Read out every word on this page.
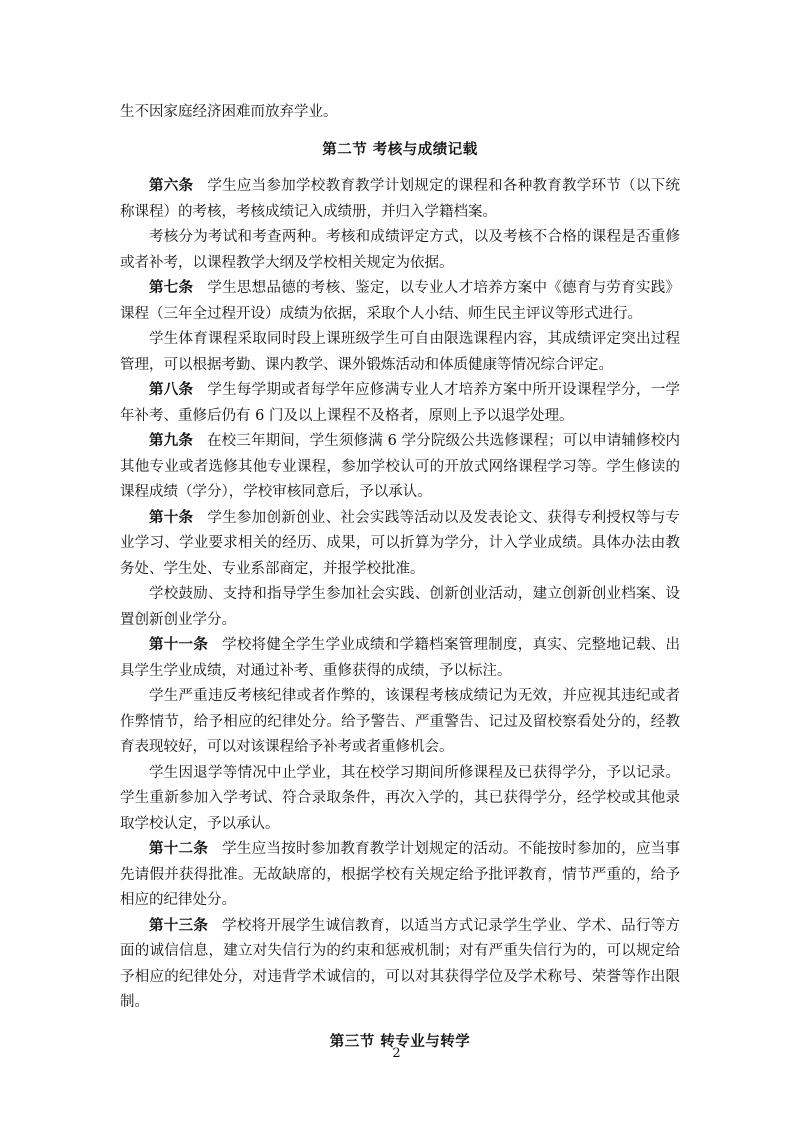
生不因家庭经济困难而放弃学业。

第二节 考核与成绩记载

第六条 学生应当参加学校教育教学计划规定的课程和各种教育教学环节（以下统称课程）的考核，考核成绩记入成绩册，并归入学籍档案。

考核分为考试和考查两种。考核和成绩评定方式，以及考核不合格的课程是否重修或者补考，以课程教学大纲及学校相关规定为依据。

第七条 学生思想品德的考核、鉴定，以专业人才培养方案中《德育与劳育实践》课程（三年全过程开设）成绩为依据，采取个人小结、师生民主评议等形式进行。

学生体育课程采取同时段上课班级学生可自由限选课程内容，其成绩评定突出过程管理，可以根据考勤、课内教学、课外锻炼活动和体质健康等情况综合评定。

第八条 学生每学期或者每学年应修满专业人才培养方案中所开设课程学分，一学年补考、重修后仍有 6 门及以上课程不及格者，原则上予以退学处理。

第九条 在校三年期间，学生须修满 6 学分院级公共选修课程；可以申请辅修校内其他专业或者选修其他专业课程，参加学校认可的开放式网络课程学习等。学生修读的课程成绩（学分），学校审核同意后，予以承认。

第十条 学生参加创新创业、社会实践等活动以及发表论文、获得专利授权等与专业学习、学业要求相关的经历、成果，可以折算为学分，计入学业成绩。具体办法由教务处、学生处、专业系部商定，并报学校批准。

学校鼓励、支持和指导学生参加社会实践、创新创业活动，建立创新创业档案、设置创新创业学分。

第十一条 学校将健全学生学业成绩和学籍档案管理制度，真实、完整地记载、出具学生学业成绩，对通过补考、重修获得的成绩，予以标注。

学生严重违反考核纪律或者作弊的，该课程考核成绩记为无效，并应视其违纪或者作弊情节，给予相应的纪律处分。给予警告、严重警告、记过及留校察看处分的，经教育表现较好，可以对该课程给予补考或者重修机会。

学生因退学等情况中止学业，其在校学习期间所修课程及已获得学分，予以记录。学生重新参加入学考试、符合录取条件，再次入学的，其已获得学分，经学校或其他录取学校认定，予以承认。

第十二条 学生应当按时参加教育教学计划规定的活动。不能按时参加的，应当事先请假并获得批准。无故缺席的，根据学校有关规定给予批评教育，情节严重的，给予相应的纪律处分。

第十三条 学校将开展学生诚信教育，以适当方式记录学生学业、学术、品行等方面的诚信信息，建立对失信行为的约束和惩戒机制；对有严重失信行为的，可以规定给予相应的纪律处分，对违背学术诚信的，可以对其获得学位及学术称号、荣誉等作出限制。

第三节 转专业与转学

2
